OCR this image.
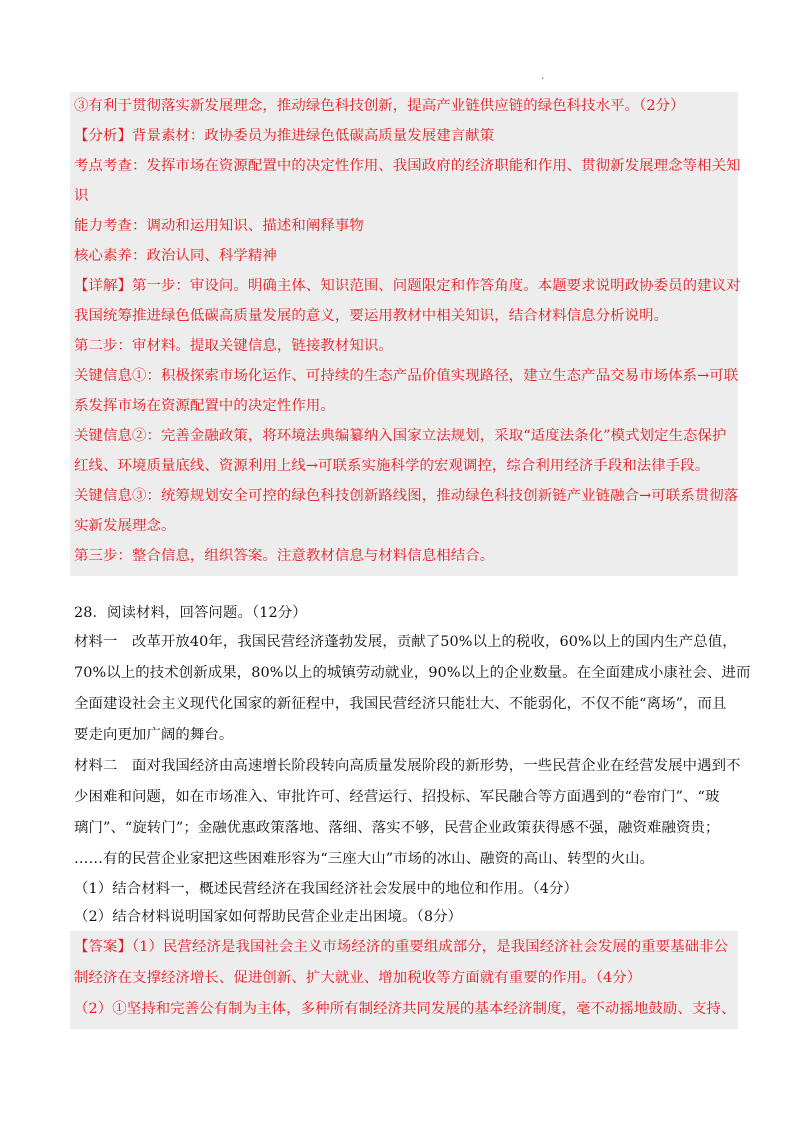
·
③有利于贯彻落实新发展理念，推动绿色科技创新，提高产业链供应链的绿色科技水平。（2分）
【分析】背景素材：政协委员为推进绿色低碳高质量发展建言献策
考点考查：发挥市场在资源配置中的决定性作用、我国政府的经济职能和作用、贯彻新发展理念等相关知
识
能力考查：调动和运用知识、描述和阐释事物
核心素养：政治认同、科学精神
【详解】第一步：审设问。明确主体、知识范围、问题限定和作答角度。本题要求说明政协委员的建议对
我国统筹推进绿色低碳高质量发展的意义，要运用教材中相关知识，结合材料信息分析说明。
第二步：审材料。提取关键信息，链接教材知识。
关键信息①：积极探索市场化运作、可持续的生态产品价值实现路径，建立生态产品交易市场体系→可联
系发挥市场在资源配置中的决定性作用。
关键信息②：完善金融政策，将环境法典编纂纳入国家立法规划，采取“适度法条化”模式划定生态保护
红线、环境质量底线、资源利用上线→可联系实施科学的宏观调控，综合利用经济手段和法律手段。
关键信息③：统筹规划安全可控的绿色科技创新路线图，推动绿色科技创新链产业链融合→可联系贯彻落
实新发展理念。
第三步：整合信息，组织答案。注意教材信息与材料信息相结合。
28．阅读材料，回答问题。（12分）
材料一　改革开放40年，我国民营经济蓬勃发展，贡献了50%以上的税收，60%以上的国内生产总值，
70%以上的技术创新成果，80%以上的城镇劳动就业，90%以上的企业数量。在全面建成小康社会、进而
全面建设社会主义现代化国家的新征程中，我国民营经济只能壮大、不能弱化，不仅不能“离场”，而且
要走向更加广阔的舞台。
材料二　面对我国经济由高速增长阶段转向高质量发展阶段的新形势，一些民营企业在经营发展中遇到不
少困难和问题，如在市场准入、审批许可、经营运行、招投标、军民融合等方面遇到的“卷帘门”、“玻
璃门”、“旋转门”；金融优惠政策落地、落细、落实不够，民营企业政策获得感不强，融资难融资贵；
……有的民营企业家把这些困难形容为“三座大山”市场的冰山、融资的高山、转型的火山。
（1）结合材料一，概述民营经济在我国经济社会发展中的地位和作用。（4分）
（2）结合材料说明国家如何帮助民营企业走出困境。（8分）
【答案】（1）民营经济是我国社会主义市场经济的重要组成部分，是我国经济社会发展的重要基础非公
制经济在支撑经济增长、促进创新、扩大就业、增加税收等方面就有重要的作用。（4分）
（2）①坚持和完善公有制为主体，多种所有制经济共同发展的基本经济制度，毫不动摇地鼓励、支持、
